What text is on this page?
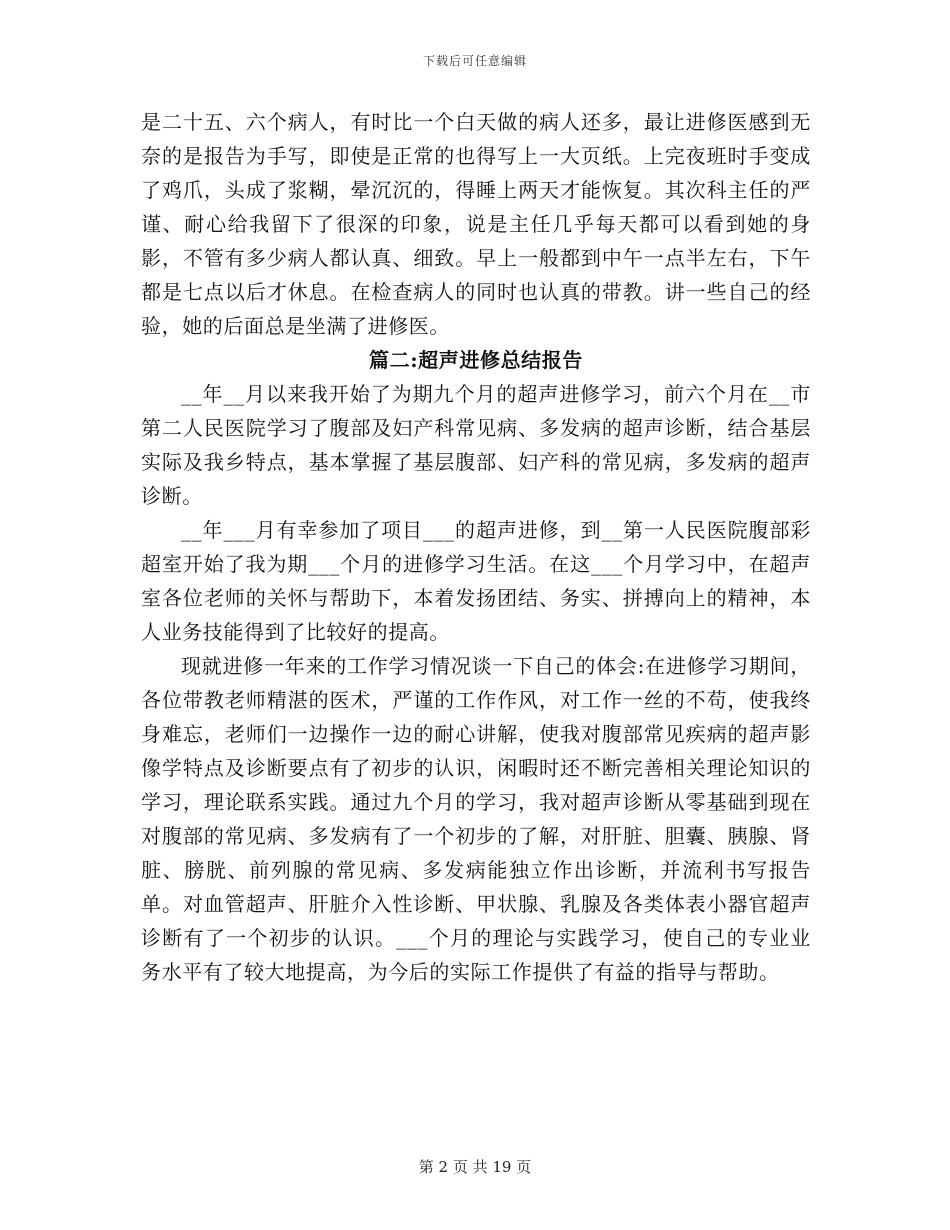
下载后可任意编辑

是二十五、六个病人，有时比一个白天做的病人还多，最让进修医感到无奈的是报告为手写，即使是正常的也得写上一大页纸。上完夜班时手变成了鸡爪，头成了浆糊，晕沉沉的，得睡上两天才能恢复。其次科主任的严谨、耐心给我留下了很深的印象，说是主任几乎每天都可以看到她的身影，不管有多少病人都认真、细致。早上一般都到中午一点半左右，下午都是七点以后才休息。在检查病人的同时也认真的带教。讲一些自己的经验，她的后面总是坐满了进修医。

篇二:超声进修总结报告

__年__月以来我开始了为期九个月的超声进修学习，前六个月在__市第二人民医院学习了腹部及妇产科常见病、多发病的超声诊断，结合基层实际及我乡特点，基本掌握了基层腹部、妇产科的常见病，多发病的超声诊断。

__年___月有幸参加了项目___的超声进修，到__第一人民医院腹部彩超室开始了我为期___个月的进修学习生活。在这___个月学习中，在超声室各位老师的关怀与帮助下，本着发扬团结、务实、拼搏向上的精神，本人业务技能得到了比较好的提高。

现就进修一年来的工作学习情况谈一下自己的体会:在进修学习期间，各位带教老师精湛的医术，严谨的工作作风，对工作一丝的不苟，使我终身难忘，老师们一边操作一边的耐心讲解，使我对腹部常见疾病的超声影像学特点及诊断要点有了初步的认识，闲暇时还不断完善相关理论知识的学习，理论联系实践。通过九个月的学习，我对超声诊断从零基础到现在对腹部的常见病、多发病有了一个初步的了解，对肝脏、胆囊、胰腺、肾脏、膀胱、前列腺的常见病、多发病能独立作出诊断，并流利书写报告单。对血管超声、肝脏介入性诊断、甲状腺、乳腺及各类体表小器官超声诊断有了一个初步的认识。___个月的理论与实践学习，使自己的专业业务水平有了较大地提高，为今后的实际工作提供了有益的指导与帮助。

第 2 页 共 19 页
